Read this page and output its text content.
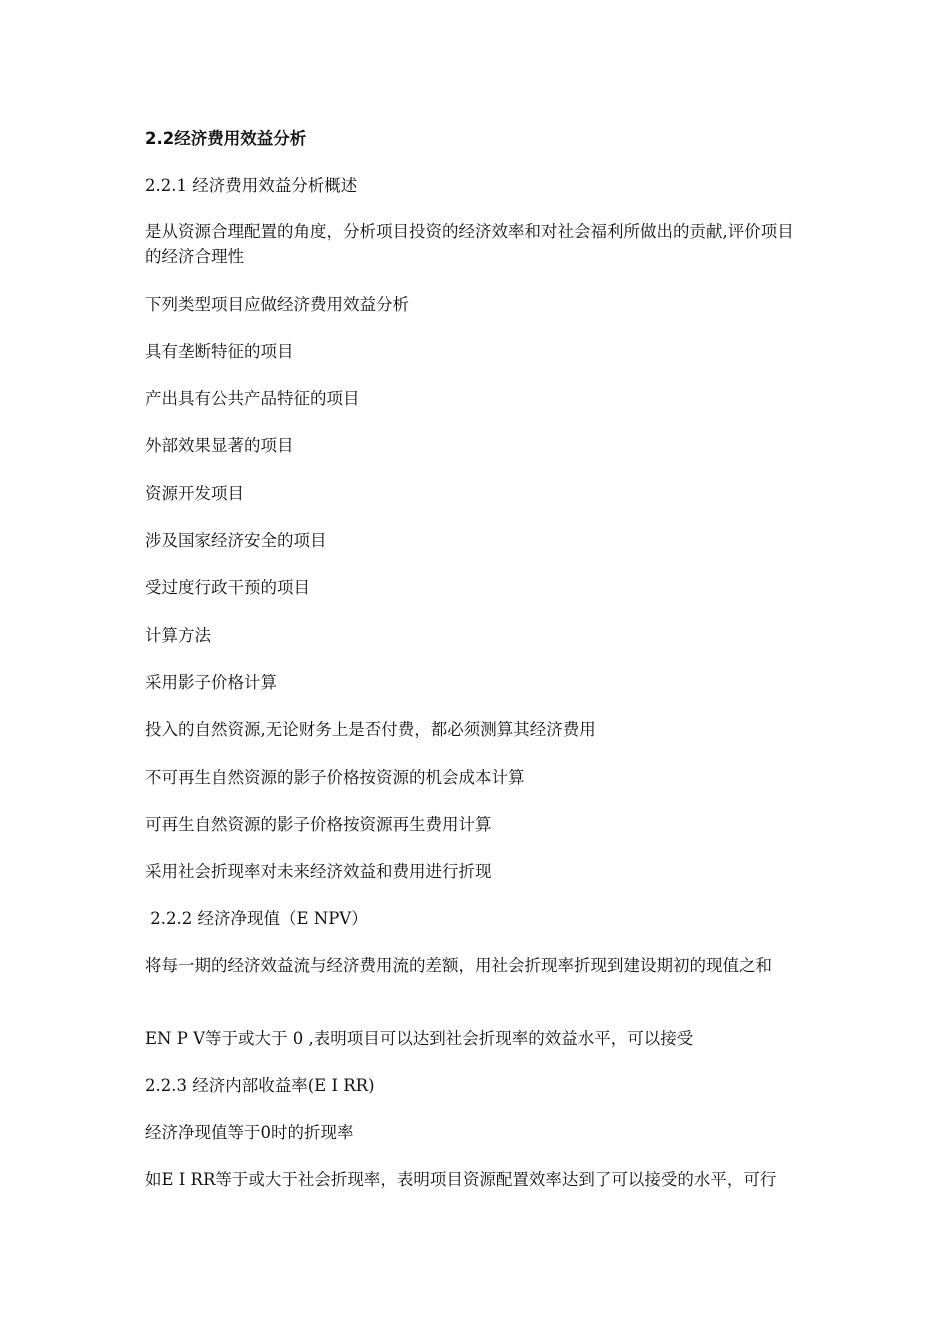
2.2经济费用效益分析

2.2.1 经济费用效益分析概述

是从资源合理配置的角度，分析项目投资的经济效率和对社会福利所做出的贡献,评价项目的经济合理性

下列类型项目应做经济费用效益分析

具有垄断特征的项目

产出具有公共产品特征的项目

外部效果显著的项目

资源开发项目

涉及国家经济安全的项目

受过度行政干预的项目

计算方法

采用影子价格计算

投入的自然资源,无论财务上是否付费，都必须测算其经济费用

不可再生自然资源的影子价格按资源的机会成本计算

可再生自然资源的影子价格按资源再生费用计算

采用社会折现率对未来经济效益和费用进行折现

2.2.2 经济净现值（E NPV）

将每一期的经济效益流与经济费用流的差额，用社会折现率折现到建设期初的现值之和

EN P V等于或大于 0 ,表明项目可以达到社会折现率的效益水平，可以接受

2.2.3 经济内部收益率(E I RR)

经济净现值等于0时的折现率

如E I RR等于或大于社会折现率，表明项目资源配置效率达到了可以接受的水平，可行
